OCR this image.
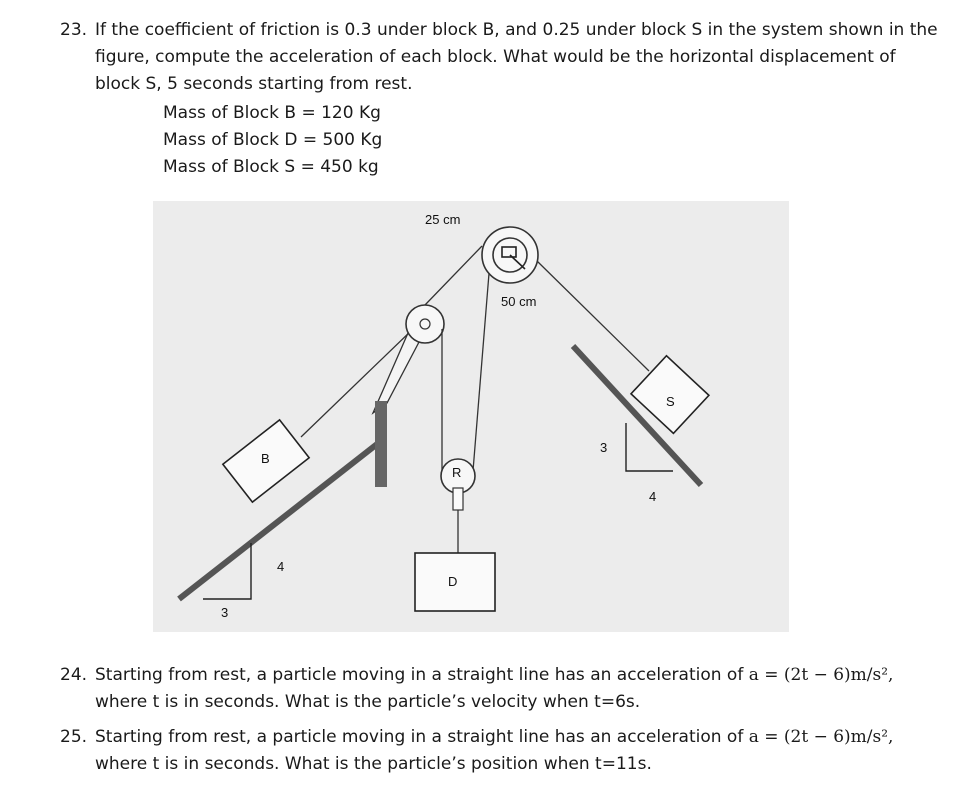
23. If the coefficient of friction is 0.3 under block B, and 0.25 under block S in the system shown in the figure, compute the acceleration of each block. What would be the horizontal displacement of block S, 5 seconds starting from rest.
Mass of Block B = 120 Kg
Mass of Block D = 500 Kg
Mass of Block S = 450 kg
3
4
B
R
D
25 cm
50 cm
S
3
4
24. Starting from rest, a particle moving in a straight line has an acceleration of a = (2t − 6)m/s²,
where t is in seconds. What is the particle’s velocity when t=6s.
25. Starting from rest, a particle moving in a straight line has an acceleration of a = (2t − 6)m/s²,
where t is in seconds. What is the particle’s position when t=11s.
